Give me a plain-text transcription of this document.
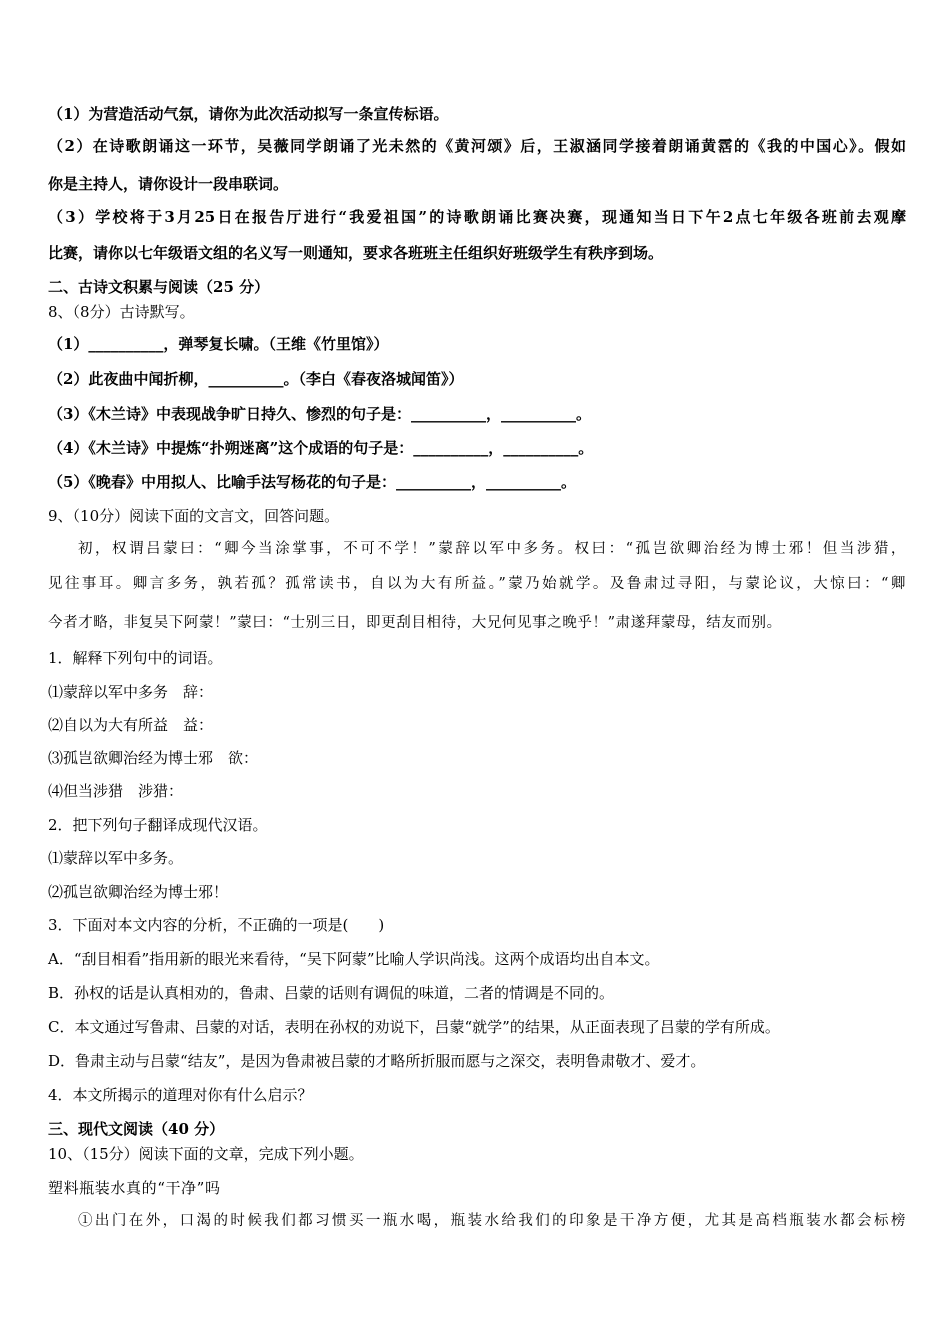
（1）为营造活动气氛，请你为此次活动拟写一条宣传标语。
（2）在诗歌朗诵这一环节，吴薇同学朗诵了光未然的《黄河颂》后，王淑涵同学接着朗诵黄霑的《我的中国心》。假如
你是主持人，请你设计一段串联词。
（3）学校将于3月25日在报告厅进行“我爱祖国”的诗歌朗诵比赛决赛，现通知当日下午2点七年级各班前去观摩
比赛，请你以七年级语文组的名义写一则通知，要求各班班主任组织好班级学生有秩序到场。
二、古诗文积累与阅读（25 分）
8、（8分）古诗默写。
（1）__________，弹琴复长啸。（王维《竹里馆》）
（2）此夜曲中闻折柳，__________。（李白《春夜洛城闻笛》）
（3）《木兰诗》中表现战争旷日持久、惨烈的句子是：__________，__________。
（4）《木兰诗》中提炼“扑朔迷离”这个成语的句子是：__________，__________。
（5）《晚春》中用拟人、比喻手法写杨花的句子是：__________，__________。
9、（10分）阅读下面的文言文，回答问题。
初，权谓吕蒙曰：“卿今当涂掌事，不可不学！”蒙辞以军中多务。权曰：“孤岂欲卿治经为博士邪！但当涉猎，
见往事耳。卿言多务，孰若孤？孤常读书，自以为大有所益。”蒙乃始就学。及鲁肃过寻阳，与蒙论议，大惊曰：“卿
今者才略，非复吴下阿蒙！”蒙曰：“士别三日，即更刮目相待，大兄何见事之晚乎！”肃遂拜蒙母，结友而别。
1．解释下列句中的词语。
⑴蒙辞以军中多务　辞：
⑵自以为大有所益　益：
⑶孤岂欲卿治经为博士邪　欲：
⑷但当涉猎　涉猎：
2．把下列句子翻译成现代汉语。
⑴蒙辞以军中多务。
⑵孤岂欲卿治经为博士邪！
3．下面对本文内容的分析，不正确的一项是(　　)
A．“刮目相看”指用新的眼光来看待，“吴下阿蒙”比喻人学识尚浅。这两个成语均出自本文。
B．孙权的话是认真相劝的，鲁肃、吕蒙的话则有调侃的味道，二者的情调是不同的。
C．本文通过写鲁肃、吕蒙的对话，表明在孙权的劝说下，吕蒙“就学”的结果，从正面表现了吕蒙的学有所成。
D．鲁肃主动与吕蒙“结友”，是因为鲁肃被吕蒙的才略所折服而愿与之深交，表明鲁肃敬才、爱才。
4．本文所揭示的道理对你有什么启示？
三、现代文阅读（40 分）
10、（15分）阅读下面的文章，完成下列小题。
塑料瓶装水真的“干净”吗
①出门在外，口渴的时候我们都习惯买一瓶水喝，瓶装水给我们的印象是干净方便，尤其是高档瓶装水都会标榜
